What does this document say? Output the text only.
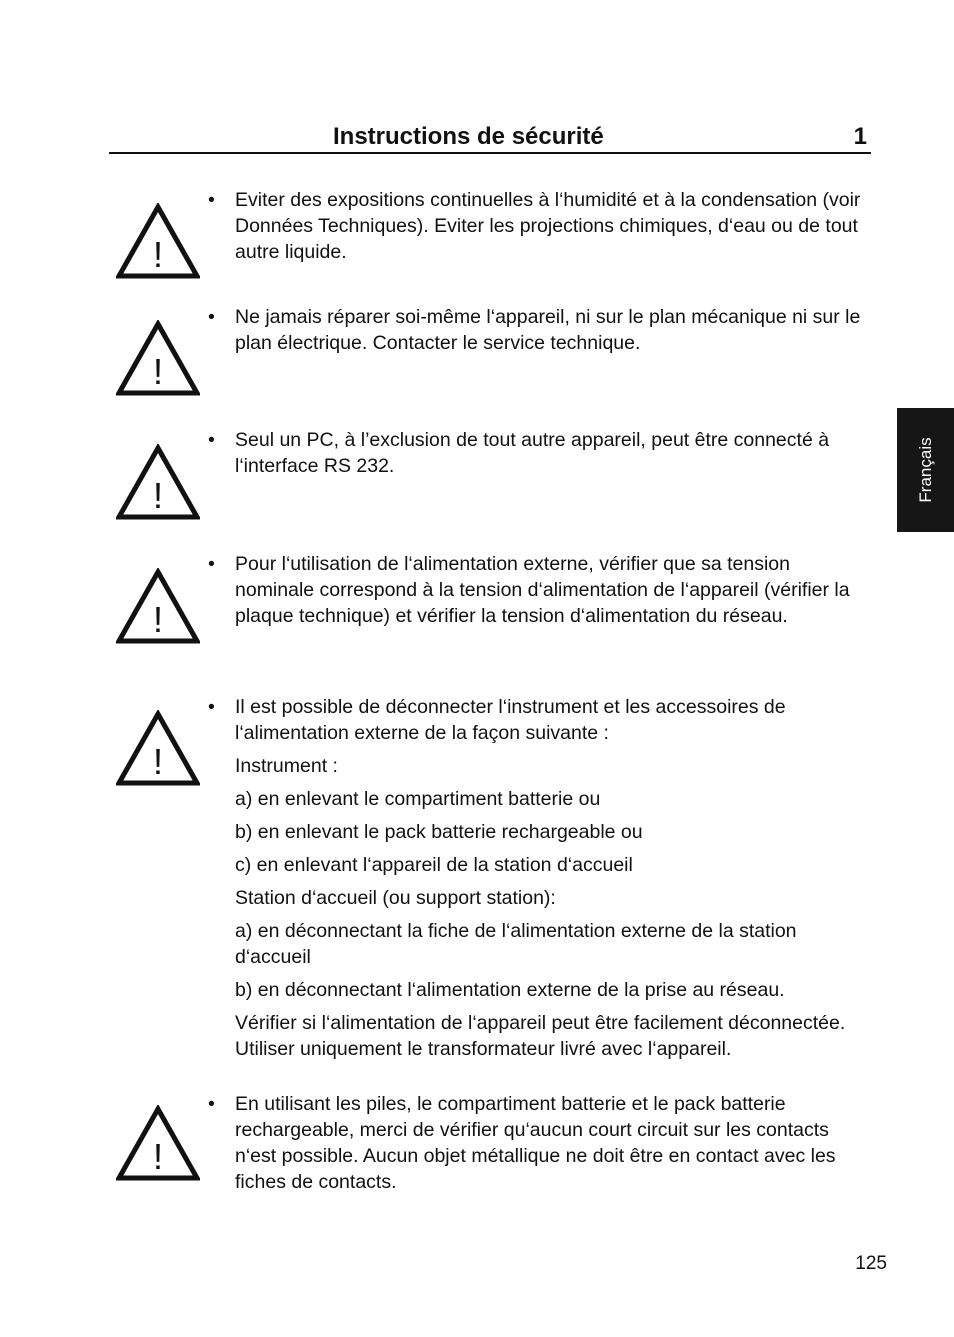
Instructions de sécurité	1
Français
!
!
!
!
!
!
•	Eviter des expositions continuelles à l‘humidité et à la condensation (voir Données Techniques). Eviter les projections chimiques, d‘eau ou de tout autre liquide.
•	Ne jamais réparer soi-même l‘appareil, ni sur le plan mécanique ni sur le plan électrique. Contacter le service technique.
•	Seul un PC, à l’exclusion de tout autre appareil, peut être connecté à l‘interface RS 232.
•	Pour l‘utilisation de l‘alimentation externe, vérifier que sa tension nominale correspond à la tension d‘alimentation de l‘appareil (vérifier la plaque technique) et vérifier la tension d‘alimentation du réseau.
•	Il est possible de déconnecter l‘instrument et les accessoires de l‘alimentation externe de la façon suivante :
Instrument :
a) en enlevant le compartiment batterie ou
b) en enlevant le pack batterie rechargeable ou
c) en enlevant l‘appareil de la station d‘accueil
Station d‘accueil (ou support station):
a) en déconnectant la fiche de l‘alimentation externe de la station d‘accueil
b) en déconnectant l‘alimentation externe de la prise au réseau.
Vérifier si l‘alimentation de l‘appareil peut être facilement déconnectée. Utiliser uniquement le transformateur livré avec l‘appareil.
•	En utilisant les piles, le compartiment batterie et le pack batterie rechargeable, merci de vérifier qu‘aucun court circuit sur les contacts n‘est possible. Aucun objet métallique ne doit être en contact avec les fiches de contacts.
125
